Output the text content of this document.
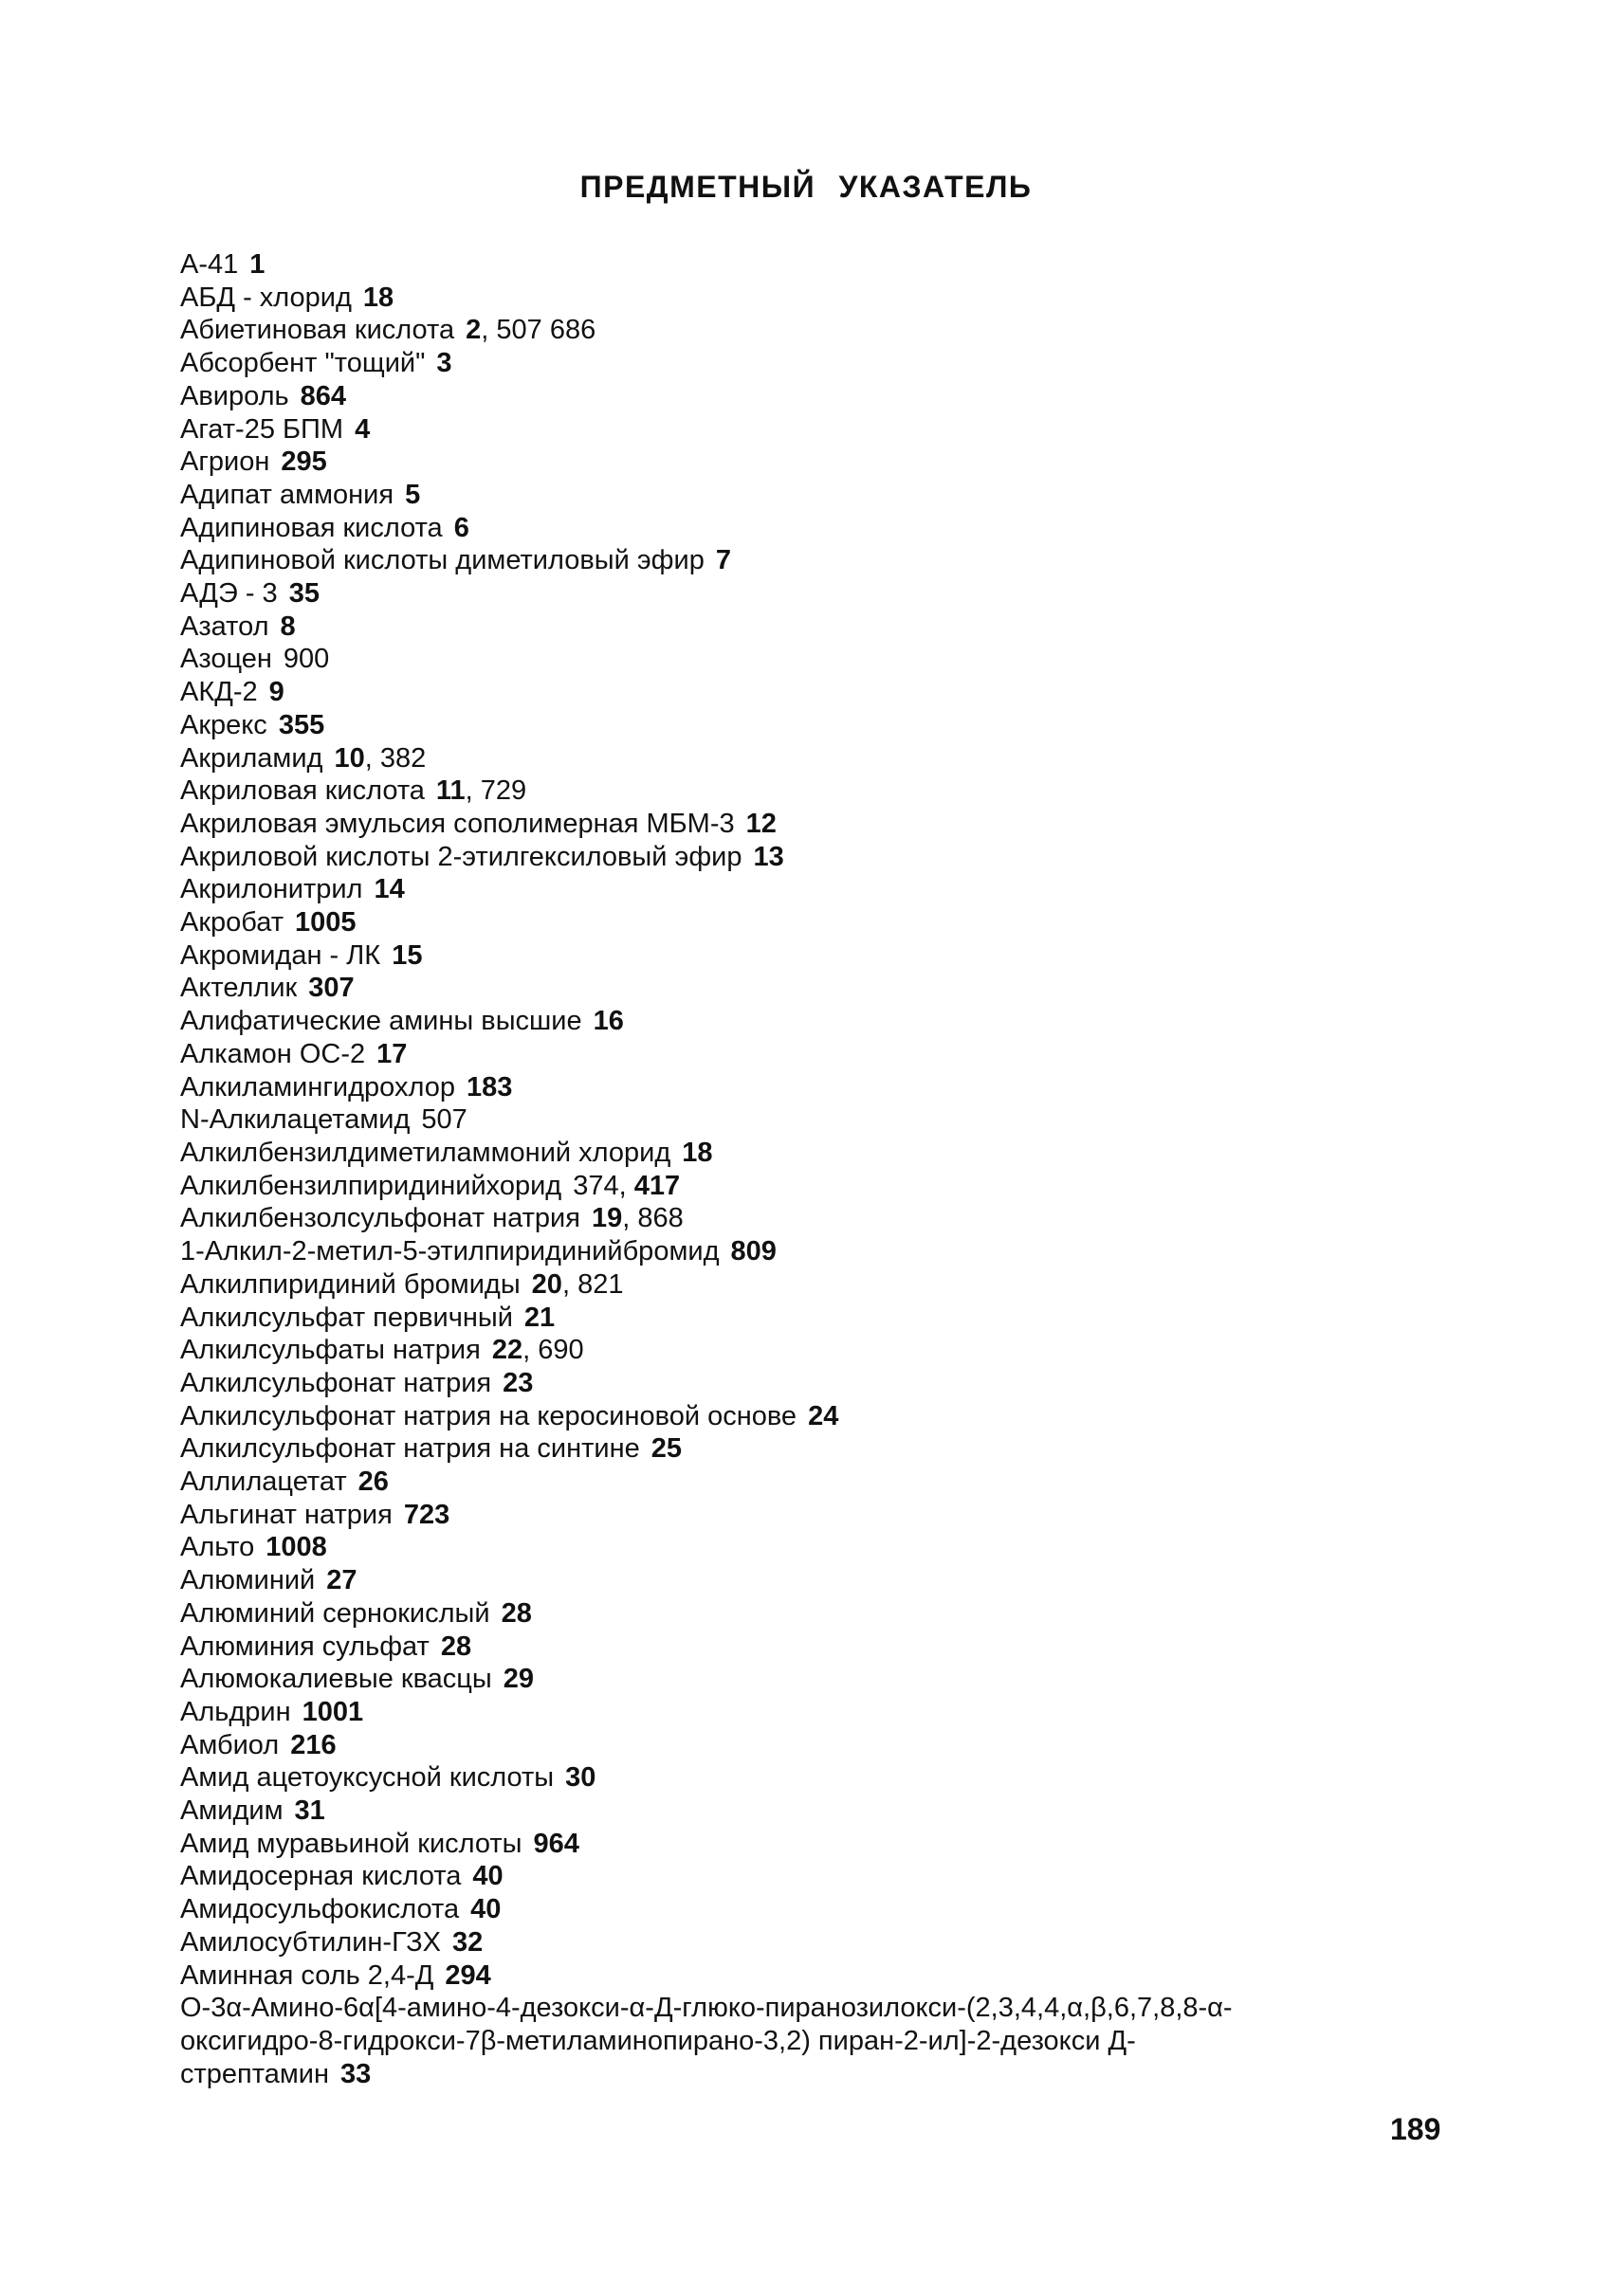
ПРЕДМЕТНЫЙ УКАЗАТЕЛЬ
А-41 1
АБД - хлорид 18
Абиетиновая кислота 2, 507 686
Абсорбент "тощий" 3
Авироль 864
Агат-25 БПМ 4
Агрион 295
Адипат аммония 5
Адипиновая кислота 6
Адипиновой кислоты диметиловый эфир 7
АДЭ - 3 35
Азатол 8
Азоцен 900
АКД-2 9
Акрекс 355
Акриламид 10, 382
Акриловая кислота 11, 729
Акриловая эмульсия сополимерная МБМ-3 12
Акриловой кислоты 2-этилгексиловый эфир 13
Акрилонитрил 14
Акробат 1005
Акромидан - ЛК 15
Актеллик 307
Алифатические амины высшие 16
Алкамон ОС-2 17
Алкиламингидрохлор 183
N-Алкилацетамид 507
Алкилбензилдиметиламмоний хлорид 18
Алкилбензилпиридинийхорид 374, 417
Алкилбензолсульфонат натрия 19, 868
1-Алкил-2-метил-5-этилпиридинийбромид 809
Алкилпиридиний бромиды 20, 821
Алкилсульфат первичный 21
Алкилсульфаты натрия 22, 690
Алкилсульфонат натрия 23
Алкилсульфонат натрия на керосиновой основе 24
Алкилсульфонат натрия на синтине 25
Аллилацетат 26
Альгинат натрия 723
Альто 1008
Алюминий 27
Алюминий сернокислый 28
Алюминия сульфат 28
Алюмокалиевые квасцы 29
Альдрин 1001
Амбиол 216
Амид ацетоуксусной кислоты 30
Амидим 31
Амид муравьиной кислоты 964
Амидосерная кислота 40
Амидосульфокислота 40
Амилосубтилин-ГЗХ 32
Аминная соль 2,4-Д 294
О-3α-Амино-6α[4-амино-4-дезокси-α-Д-глюко-пиранозилокси-(2,3,4,4,α,β,6,7,8,8-α-оксигидро-8-гидрокси-7β-метиламинопирано-3,2) пиран-2-ил]-2-дезокси Д-стрептамин 33
189
